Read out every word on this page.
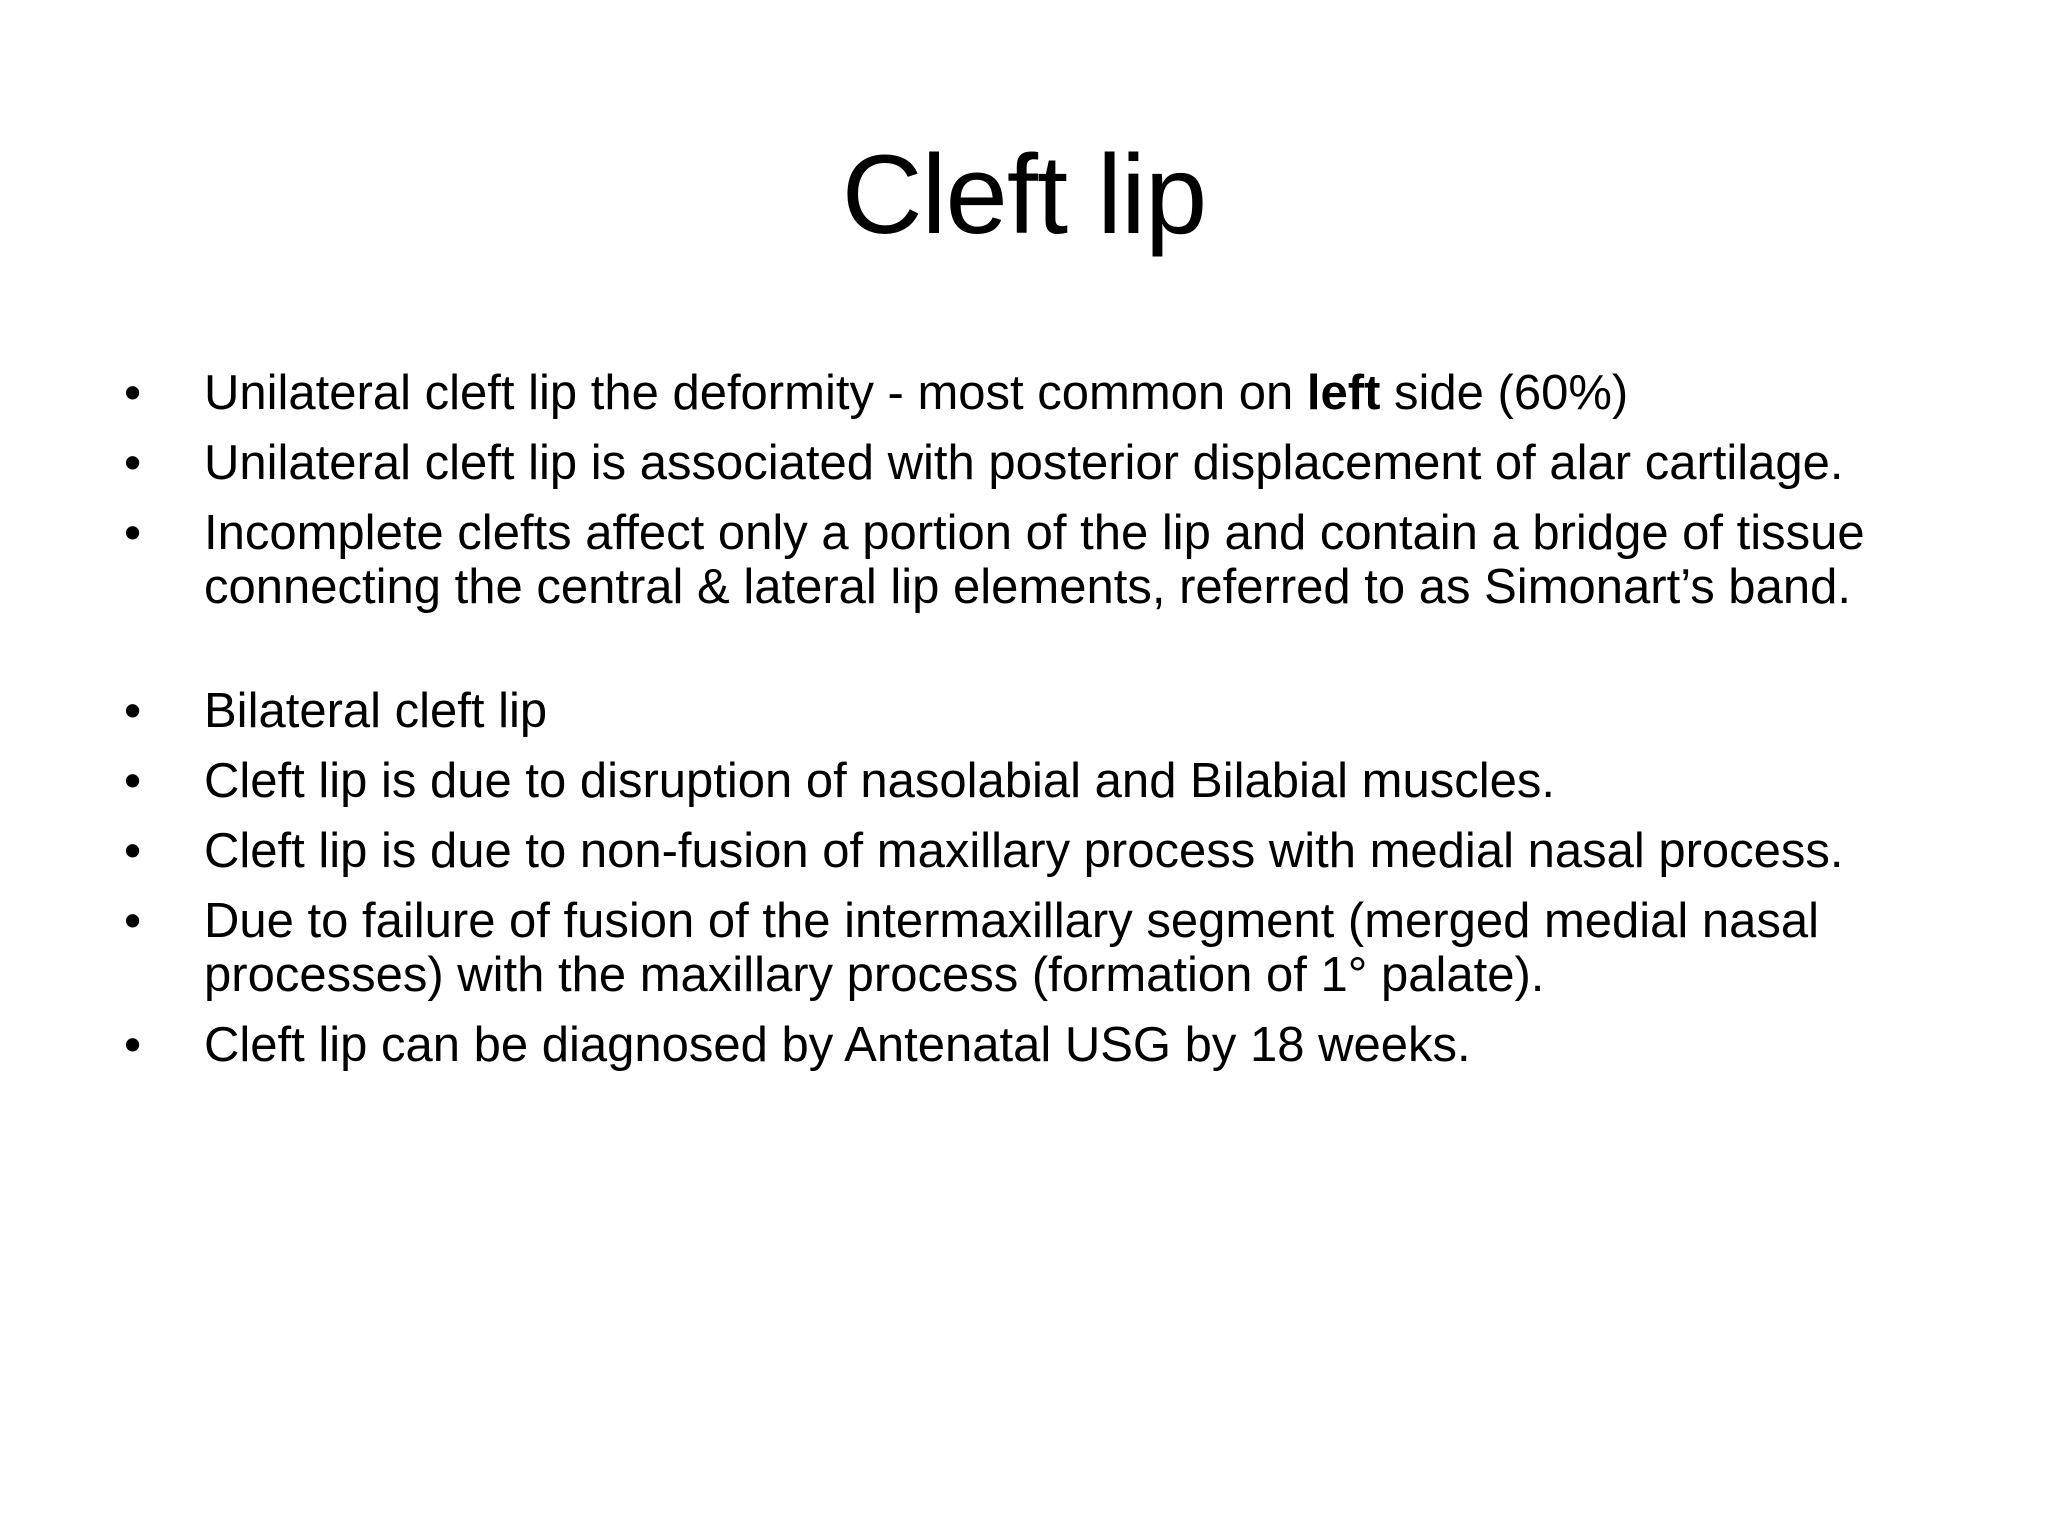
Cleft lip
• Unilateral cleft lip the deformity - most common on left side (60%)
• Unilateral cleft lip is associated with posterior displacement of alar cartilage.
• Incomplete clefts affect only a portion of the lip and contain a bridge of tissue connecting the central & lateral lip elements, referred to as Simonart’s band.
• Bilateral cleft lip
• Cleft lip is due to disruption of nasolabial and Bilabial muscles.
• Cleft lip is due to non-fusion of maxillary process with medial nasal process.
• Due to failure of fusion of the intermaxillary segment (merged medial nasal processes) with the maxillary process (formation of 1° palate).
• Cleft lip can be diagnosed by Antenatal USG by 18 weeks.
